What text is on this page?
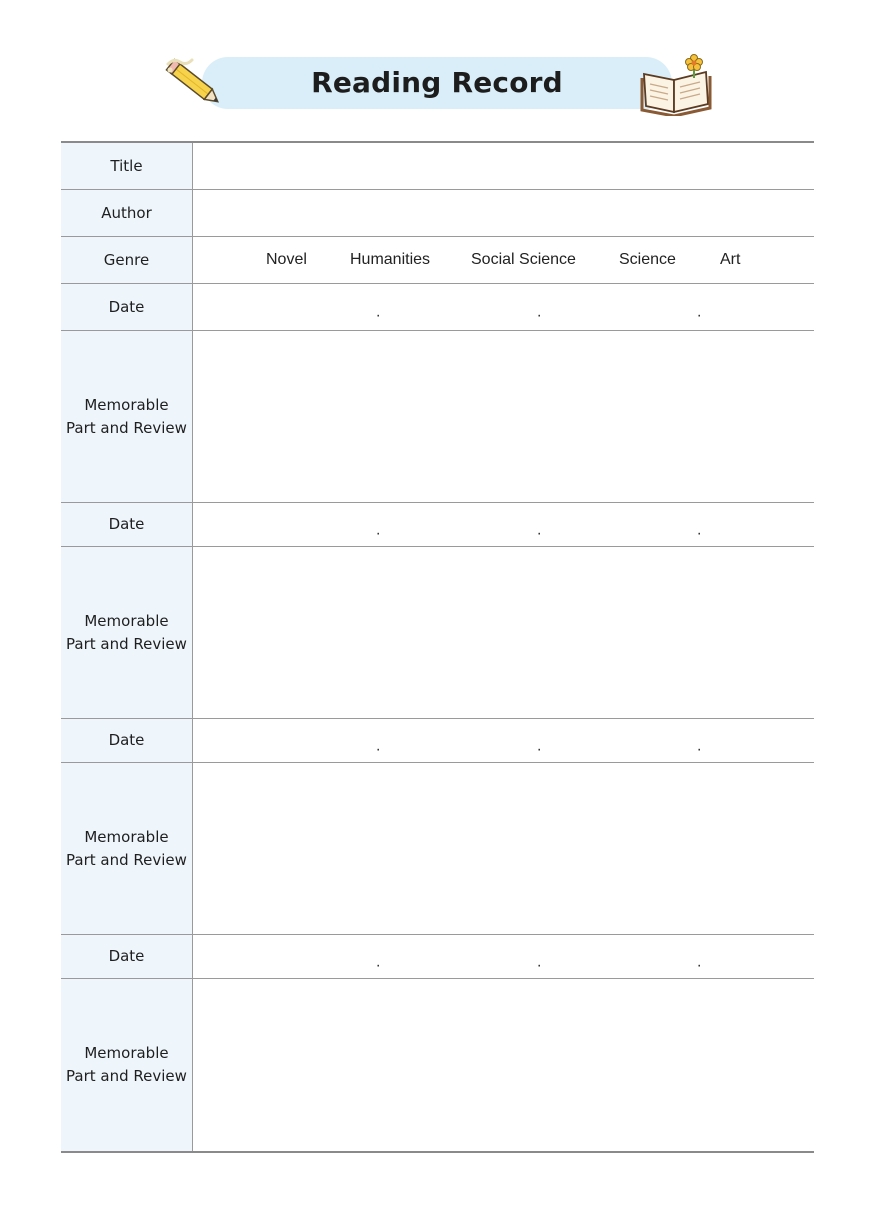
Reading Record
Title
Author
Genre	Novel	Humanities	Social Science	Science	Art
Date	.	.	.
Memorable
Part and Review
Date	.	.	.
Memorable
Part and Review
Date	.	.	.
Memorable
Part and Review
Date	.	.	.
Memorable
Part and Review
